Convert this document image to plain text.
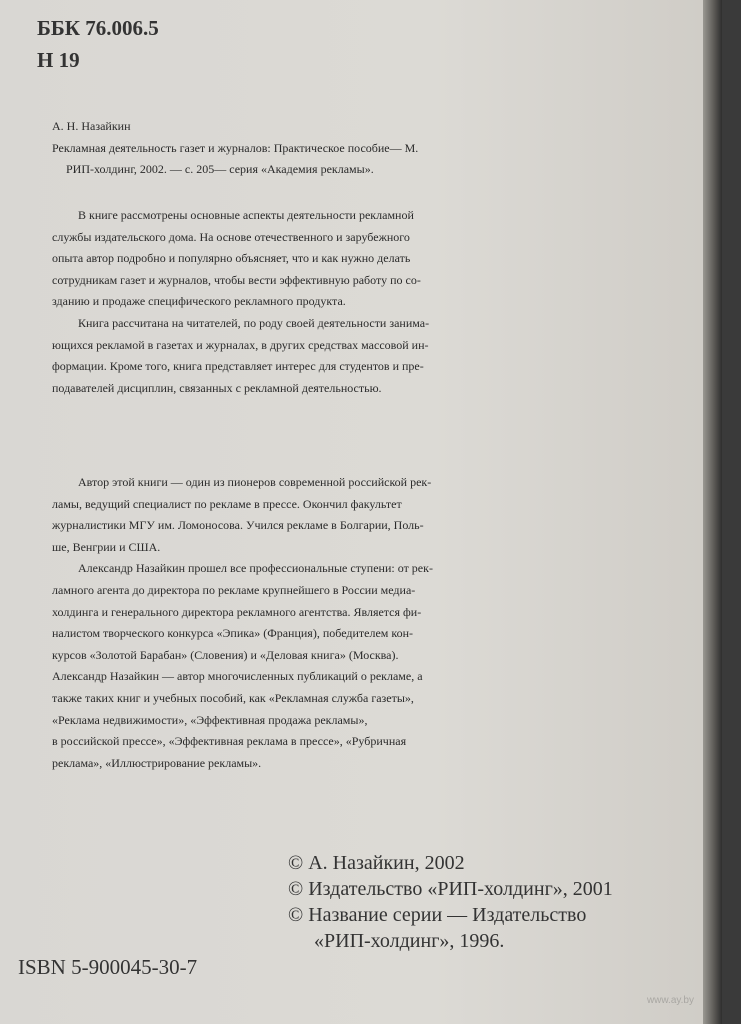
ББК 76.006.5
Н 19
А. Н. Назайкин
Рекламная деятельность газет и журналов: Практическое пособие— М.
РИП-холдинг, 2002. — с. 205— серия «Академия рекламы».
В книге рассмотрены основные аспекты деятельности рекламной
службы издательского дома. На основе отечественного и зарубежного
опыта автор подробно и популярно объясняет, что и как нужно делать
сотрудникам газет и журналов, чтобы вести эффективную работу по со-
зданию и продаже специфического рекламного продукта.
Книга рассчитана на читателей, по роду своей деятельности занима-
ющихся рекламой в газетах и журналах, в других средствах массовой ин-
формации. Кроме того, книга представляет интерес для студентов и пре-
подавателей дисциплин, связанных с рекламной деятельностью.
Автор этой книги — один из пионеров современной российской рек-
ламы, ведущий специалист по рекламе в прессе. Окончил факультет
журналистики МГУ им. Ломоносова. Учился рекламе в Болгарии, Поль-
ше, Венгрии и США.
Александр Назайкин прошел все профессиональные ступени: от рек-
ламного агента до директора по рекламе крупнейшего в России медиа-
холдинга и генерального директора рекламного агентства. Является фи-
налистом творческого конкурса «Эпика» (Франция), победителем кон-
курсов «Золотой Барабан» (Словения) и «Деловая книга» (Москва).
Александр Назайкин — автор многочисленных публикаций о рекламе, а
также таких книг и учебных пособий, как «Рекламная служба газеты»,
«Реклама недвижимости», «Эффективная продажа рекламы»,
в российской прессе», «Эффективная реклама в прессе», «Рубричная
реклама», «Иллюстрирование рекламы».
© А. Назайкин, 2002
© Издательство «РИП-холдинг», 2001
© Название серии — Издательство
«РИП-холдинг», 1996.
ISBN 5-900045-30-7
www.ay.by
